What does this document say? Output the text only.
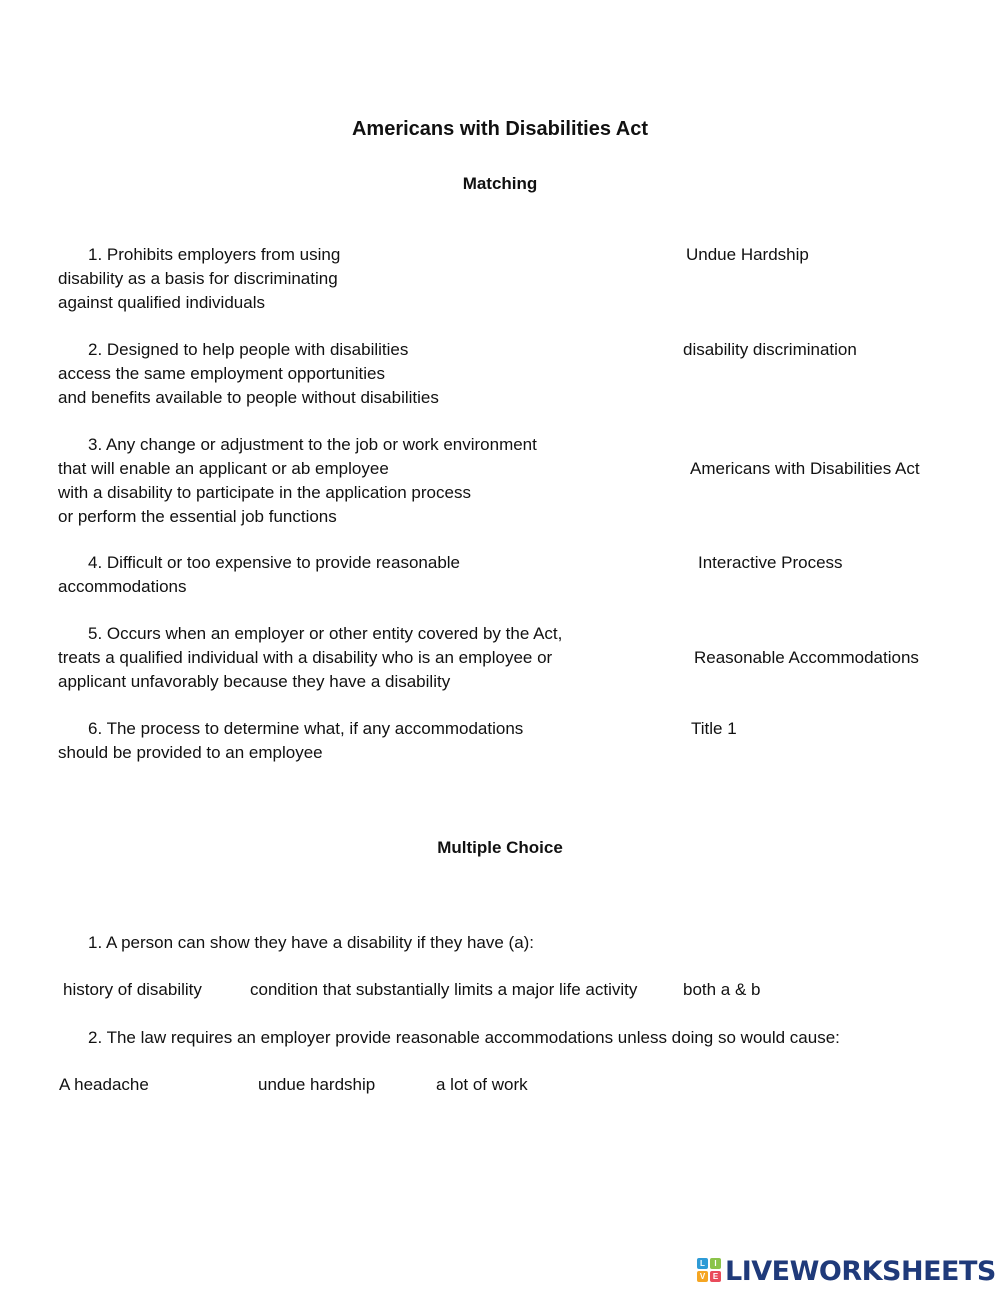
Americans with Disabilities Act
Matching
1. Prohibits employers from using
disability as a basis for discriminating
against qualified individuals
Undue Hardship
2. Designed to help people with disabilities
access the same employment opportunities
and benefits available to people without disabilities
disability discrimination
3. Any change or adjustment to the job or work environment
that will enable an applicant or ab employee
with a disability to participate in the application process
or perform the essential job functions
Americans with Disabilities Act
4. Difficult or too expensive to provide reasonable
accommodations
Interactive Process
5. Occurs when an employer or other entity covered by the Act,
treats a qualified individual with a disability who is an employee or
applicant unfavorably because they have a disability
Reasonable Accommodations
6. The process to determine what, if any accommodations
should be provided to an employee
Title 1
Multiple Choice
1. A person can show they have a disability if they have (a):
history of disability	condition that substantially limits a major life activity	both a & b
2. The law requires an employer provide reasonable accommodations unless doing so would cause:
A headache	undue hardship	a lot of work
L	I
V E LIVEWORKSHEETS
